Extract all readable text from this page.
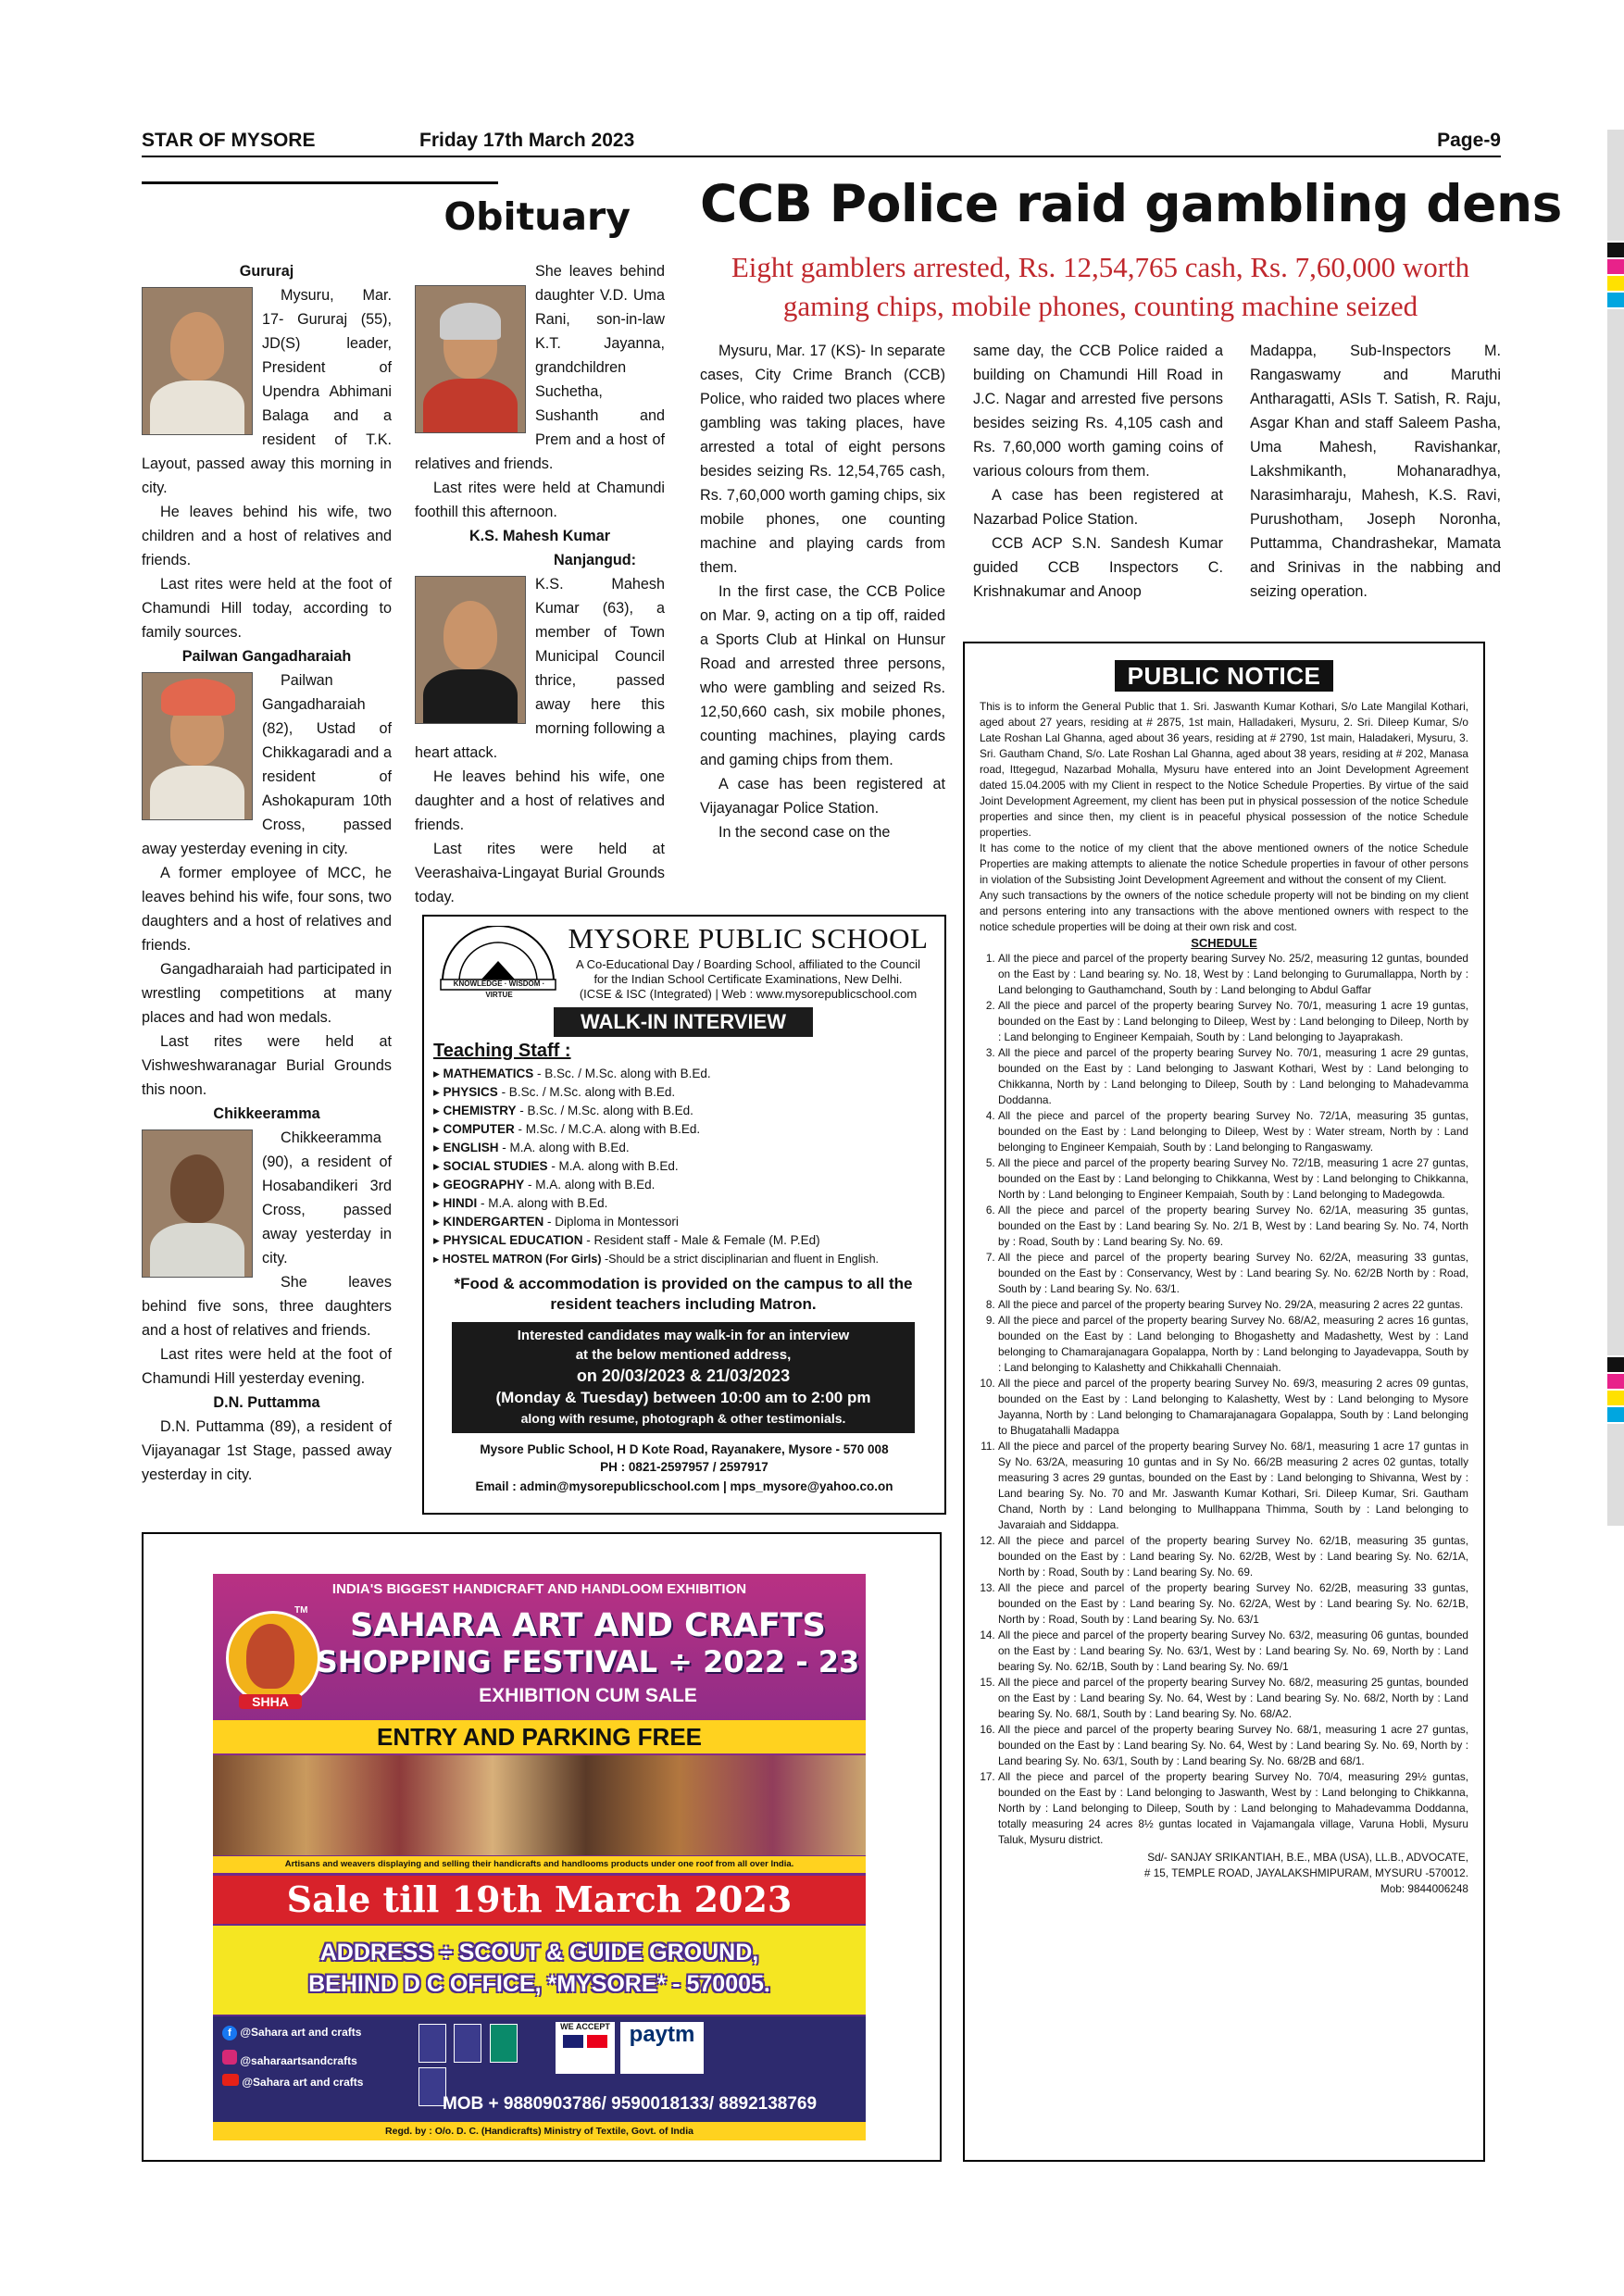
STAR OF MYSORE	Friday 17th March 2023	Page-9
Obituary

Gururaj

Mysuru, Mar. 17- Gururaj (55), JD(S) leader, President of Upendra Abhimani Balaga and a resident of T.K. Layout, passed away this morning in city.

He leaves behind his wife, two children and a host of relatives and friends.

Last rites were held at the foot of Chamundi Hill today, according to family sources.

Pailwan Gangadharaiah

Pailwan Gangadharaiah (82), Ustad of Chikkagaradi and a resident of Ashokapuram 10th Cross, passed away yesterday evening in city.

A former employee of MCC, he leaves behind his wife, four sons, two daughters and a host of relatives and friends.

Gangadharaiah had participated in wrestling competitions at many places and had won medals.

Last rites were held at Vishweshwaranagar Burial Grounds this noon.

Chikkeeramma

Chikkeeramma (90), a resident of Hosabandikeri 3rd Cross, passed away yesterday in city.

She leaves behind five sons, three daughters and a host of relatives and friends.

Last rites were held at the foot of Chamundi Hill yesterday evening.

D.N. Puttamma

D.N. Puttamma (89), a resident of Vijayanagar 1st Stage, passed away yesterday in city.

She leaves behind daughter V.D. Uma Rani, son-in-law K.T. Jayanna, grandchildren Suchetha, Sushanth and Prem and a host of relatives and friends.

Last rites were held at Chamundi foothill this afternoon.

K.S. Mahesh Kumar

Nanjangud: K.S. Mahesh Kumar (63), a member of Town Municipal Council thrice, passed away here this morning following a heart attack.

He leaves behind his wife, one daughter and a host of relatives and friends.

Last rites were held at Veerashaiva-Lingayat Burial Grounds today.

CCB Police raid gambling dens
Eight gamblers arrested, Rs. 12,54,765 cash, Rs. 7,60,000 worth gaming chips, mobile phones, counting machine seized

Mysuru, Mar. 17 (KS)- In separate cases, City Crime Branch (CCB) Police, who raided two places where gambling was taking places, have arrested a total of eight persons besides seizing Rs. 12,54,765 cash, Rs. 7,60,000 worth gaming chips, six mobile phones, one counting machine and playing cards from them.

In the first case, the CCB Police on Mar. 9, acting on a tip off, raided a Sports Club at Hinkal on Hunsur Road and arrested three persons, who were gambling and seized Rs. 12,50,660 cash, six mobile phones, counting machines, playing cards and gaming chips from them.

A case has been registered at Vijayanagar Police Station.

In the second case on the

same day, the CCB Police raided a building on Chamundi Hill Road in J.C. Nagar and arrested five persons besides seizing Rs. 4,105 cash and Rs. 7,60,000 worth gaming coins of various colours from them.

A case has been registered at Nazarbad Police Station.

CCB ACP S.N. Sandesh Kumar guided CCB Inspectors C. Krishnakumar and Anoop

Madappa, Sub-Inspectors M. Rangaswamy and Maruthi Antharagatti, ASIs T. Satish, R. Raju, Asgar Khan and staff Saleem Pasha, Uma Mahesh, Ravishankar, Lakshmikanth, Mohanaradhya, Narasimharaju, Mahesh, K.S. Ravi, Purushotham, Joseph Noronha, Puttamma, Chandrashekar, Mamata and Srinivas in the nabbing and seizing operation.

KNOWLEDGE · WISDOM · VIRTUE
MYSORE PUBLIC SCHOOL
A Co-Educational Day / Boarding School, affiliated to the Council
for the Indian School Certificate Examinations, New Delhi.
(ICSE & ISC (Integrated) | Web : www.mysorepublicschool.com
WALK-IN INTERVIEW
Teaching Staff :
▸ MATHEMATICS - B.Sc. / M.Sc. along with B.Ed.
▸ PHYSICS - B.Sc. / M.Sc. along with B.Ed.
▸ CHEMISTRY - B.Sc. / M.Sc. along with B.Ed.
▸ COMPUTER - M.Sc. / M.C.A. along with B.Ed.
▸ ENGLISH - M.A. along with B.Ed.
▸ SOCIAL STUDIES - M.A. along with B.Ed.
▸ GEOGRAPHY - M.A. along with B.Ed.
▸ HINDI - M.A. along with B.Ed.
▸ KINDERGARTEN - Diploma in Montessori
▸ PHYSICAL EDUCATION - Resident staff - Male & Female (M. P.Ed)
▸ HOSTEL MATRON (For Girls) -Should be a strict disciplinarian and fluent in English.
*Food & accommodation is provided on the campus to all the resident teachers including Matron.
Interested candidates may walk-in for an interview
at the below mentioned address,
on 20/03/2023 & 21/03/2023
(Monday & Tuesday) between 10:00 am to 2:00 pm
along with resume, photograph & other testimonials.
Mysore Public School, H D Kote Road, Rayanakere, Mysore - 570 008
PH : 0821-2597957 / 2597917
Email : admin@mysorepublicschool.com | mps_mysore@yahoo.co.on
PUBLIC NOTICE

This is to inform the General Public that 1. Sri. Jaswanth Kumar Kothari, S/o Late Mangilal Kothari, aged about 27 years, residing at # 2875, 1st main, Halladakeri, Mysuru, 2. Sri. Dileep Kumar, S/o Late Roshan Lal Ghanna, aged about 36 years, residing at # 2790, 1st main, Haladakeri, Mysuru, 3. Sri. Gautham Chand, S/o. Late Roshan Lal Ghanna, aged about 38 years, residing at # 202, Manasa road, Ittegegud, Nazarbad Mohalla, Mysuru have entered into an Joint Development Agreement dated 15.04.2005 with my Client in respect to the Notice Schedule Properties. By virtue of the said Joint Development Agreement, my client has been put in physical possession of the notice Schedule properties and since then, my client is in peaceful physical possession of the notice Schedule properties.

It has come to the notice of my client that the above mentioned owners of the notice Schedule Properties are making attempts to alienate the notice Schedule properties in favour of other persons in violation of the Subsisting Joint Development Agreement and without the consent of my Client.

Any such transactions by the owners of the notice schedule property will not be binding on my client and persons entering into any transactions with the above mentioned owners with respect to the notice schedule properties will be doing at their own risk and cost.

SCHEDULE

1. All the piece and parcel of the property bearing Survey No. 25/2, measuring 12 guntas, bounded on the East by : Land bearing sy. No. 18, West by : Land belonging to Gurumallappa, North by : Land belonging to Gauthamchand, South by : Land belonging to Abdul Gaffar
2. All the piece and parcel of the property bearing Survey No. 70/1, measuring 1 acre 19 guntas, bounded on the East by : Land belonging to Dileep, West by : Land belonging to Dileep, North by : Land belonging to Engineer Kempaiah, South by : Land belonging to Jayaprakash.
3. All the piece and parcel of the property bearing Survey No. 70/1, measuring 1 acre 29 guntas, bounded on the East by : Land belonging to Jaswant Kothari, West by : Land belonging to Chikkanna, North by : Land belonging to Dileep, South by : Land belonging to Mahadevamma Doddanna.
4. All the piece and parcel of the property bearing Survey No. 72/1A, measuring 35 guntas, bounded on the East by : Land belonging to Dileep, West by : Water stream, North by : Land belonging to Engineer Kempaiah, South by : Land belonging to Rangaswamy.
5. All the piece and parcel of the property bearing Survey No. 72/1B, measuring 1 acre 27 guntas, bounded on the East by : Land belonging to Chikkanna, West by : Land belonging to Chikkanna, North by : Land belonging to Engineer Kempaiah, South by : Land belonging to Madegowda.
6. All the piece and parcel of the property bearing Survey No. 62/1A, measuring 35 guntas, bounded on the East by : Land bearing Sy. No. 2/1 B, West by : Land bearing Sy. No. 74, North by : Road, South by : Land bearing Sy. No. 69.
7. All the piece and parcel of the property bearing Survey No. 62/2A, measuring 33 guntas, bounded on the East by : Conservancy, West by : Land bearing Sy. No. 62/2B North by : Road, South by : Land bearing Sy. No. 63/1.
8. All the piece and parcel of the property bearing Survey No. 29/2A, measuring 2 acres 22 guntas.
9. All the piece and parcel of the property bearing Survey No. 68/A2, measuring 2 acres 16 guntas, bounded on the East by : Land belonging to Bhogashetty and Madashetty, West by : Land belonging to Chamarajanagara Gopalappa, North by : Land belonging to Jayadevappa, South by : Land belonging to Kalashetty and Chikkahalli Chennaiah.
10. All the piece and parcel of the property bearing Survey No. 69/3, measuring 2 acres 09 guntas, bounded on the East by : Land belonging to Kalashetty, West by : Land belonging to Mysore Jayanna, North by : Land belonging to Chamarajanagara Gopalappa, South by : Land belonging to Bhugatahalli Madappa
11. All the piece and parcel of the property bearing Survey No. 68/1, measuring 1 acre 17 guntas in Sy No. 63/2A, measuring 10 guntas and in Sy No. 66/2B measuring 2 acres 02 guntas, totally measuring 3 acres 29 guntas, bounded on the East by : Land belonging to Shivanna, West by : Land bearing Sy. No. 70 and Mr. Jaswanth Kumar Kothari, Sri. Dileep Kumar, Sri. Gautham Chand, North by : Land belonging to Mullhappana Thimma, South by : Land belonging to Javaraiah and Siddappa.
12. All the piece and parcel of the property bearing Survey No. 62/1B, measuring 35 guntas, bounded on the East by : Land bearing Sy. No. 62/2B, West by : Land bearing Sy. No. 62/1A, North by : Road, South by : Land bearing Sy. No. 69.
13. All the piece and parcel of the property bearing Survey No. 62/2B, measuring 33 guntas, bounded on the East by : Land bearing Sy. No. 62/2A, West by : Land bearing Sy. No. 62/1B, North by : Road, South by : Land bearing Sy. No. 63/1
14. All the piece and parcel of the property bearing Survey No. 63/2, measuring 06 guntas, bounded on the East by : Land bearing Sy. No. 63/1, West by : Land bearing Sy. No. 69, North by : Land bearing Sy. No. 62/1B, South by : Land bearing Sy. No. 69/1
15. All the piece and parcel of the property bearing Survey No. 68/2, measuring 25 guntas, bounded on the East by : Land bearing Sy. No. 64, West by : Land bearing Sy. No. 68/2, North by : Land bearing Sy. No. 68/1, South by : Land bearing Sy. No. 68/A2.
16. All the piece and parcel of the property bearing Survey No. 68/1, measuring 1 acre 27 guntas, bounded on the East by : Land bearing Sy. No. 64, West by : Land bearing Sy. No. 69, North by : Land bearing Sy. No. 63/1, South by : Land bearing Sy. No. 68/2B and 68/1.
17. All the piece and parcel of the property bearing Survey No. 70/4, measuring 29½ guntas, bounded on the East by : Land belonging to Jaswanth, West by : Land belonging to Chikkanna, North by : Land belonging to Dileep, South by : Land belonging to Mahadevamma Doddanna, totally measuring 24 acres 8½ guntas located in Vajamangala village, Varuna Hobli, Mysuru Taluk, Mysuru district.

Sd/- SANJAY SRIKANTIAH, B.E., MBA (USA), LL.B., ADVOCATE,

# 15, TEMPLE ROAD, JAYALAKSHMIPURAM, MYSURU -570012.

Mob: 9844006248

INDIA'S BIGGEST HANDICRAFT AND HANDLOOM EXHIBITION
SHHA
TM	SAHARA ART AND CRAFTS
SHOPPING FESTIVAL ÷ 2022 - 23
EXHIBITION CUM SALE
ENTRY AND PARKING FREE
Artisans and weavers displaying and selling their handicrafts and handlooms products under one roof from all over India.
Sale till 19th March 2023
ADDRESS ÷ SCOUT & GUIDE GROUND,
BEHIND D C OFFICE, *MYSORE* - 570005.
f @Sahara art and crafts
@saharaartsandcrafts
@Sahara art and crafts

WE ACCEPT
paytm
MOB + 9880903786/ 9590018133/ 8892138769
Regd. by : O/o. D. C. (Handicrafts) Ministry of Textile, Govt. of India
